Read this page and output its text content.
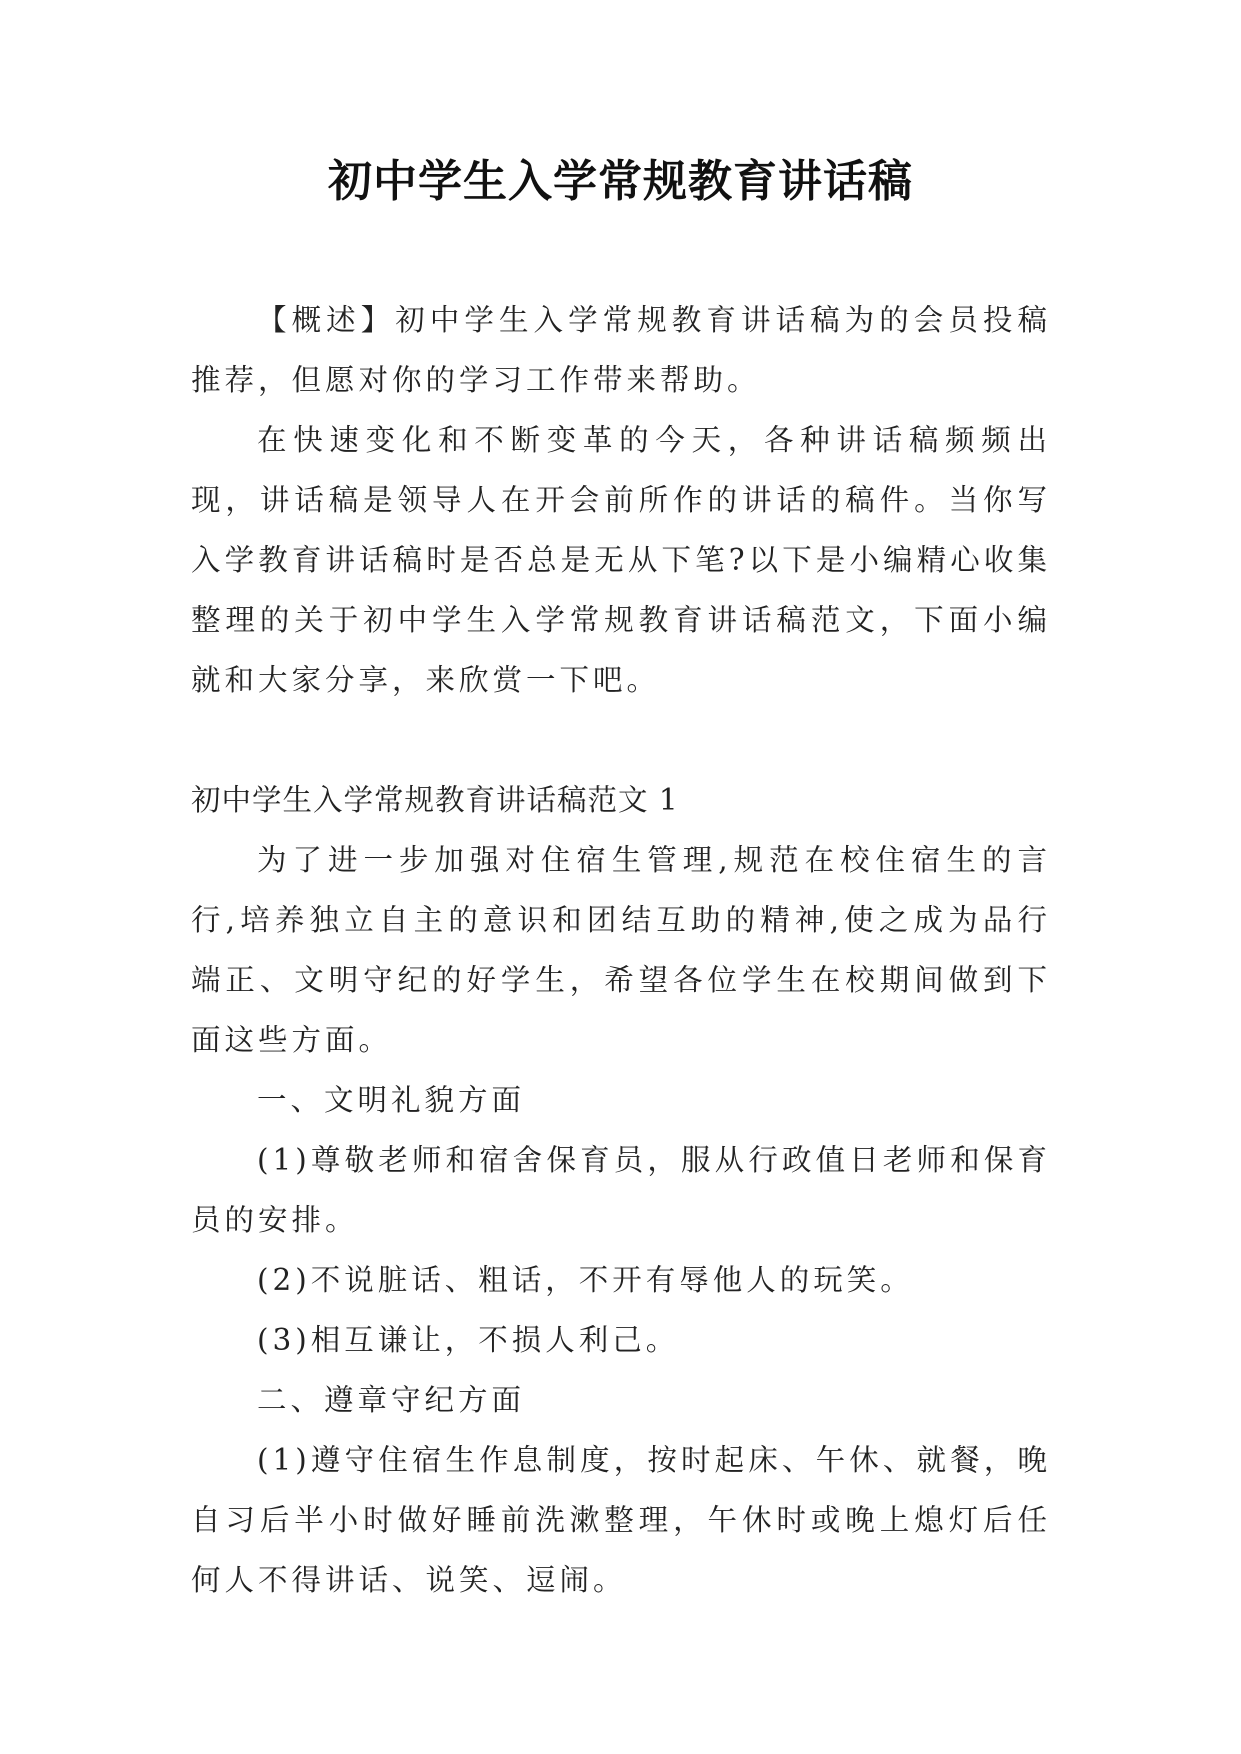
初中学生入学常规教育讲话稿

【概述】初中学生入学常规教育讲话稿为的会员投稿推荐，但愿对你的学习工作带来帮助。

在快速变化和不断变革的今天，各种讲话稿频频出现，讲话稿是领导人在开会前所作的讲话的稿件。当你写入学教育讲话稿时是否总是无从下笔?以下是小编精心收集整理的关于初中学生入学常规教育讲话稿范文，下面小编就和大家分享，来欣赏一下吧。

初中学生入学常规教育讲话稿范文 1

为了进一步加强对住宿生管理,规范在校住宿生的言行,培养独立自主的意识和团结互助的精神,使之成为品行端正、文明守纪的好学生，希望各位学生在校期间做到下面这些方面。

一、文明礼貌方面

(1)尊敬老师和宿舍保育员，服从行政值日老师和保育员的安排。

(2)不说脏话、粗话，不开有辱他人的玩笑。

(3)相互谦让，不损人利己。

二、遵章守纪方面

(1)遵守住宿生作息制度，按时起床、午休、就餐，晚自习后半小时做好睡前洗漱整理，午休时或晚上熄灯后任何人不得讲话、说笑、逗闹。
